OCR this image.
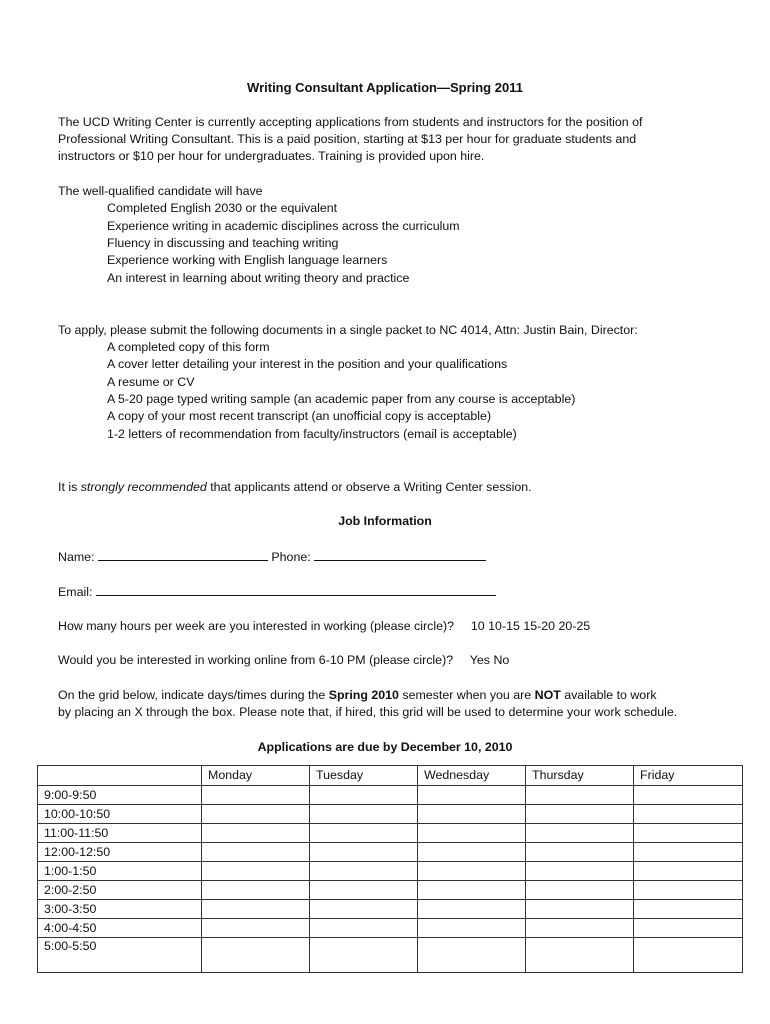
Writing Consultant Application—Spring 2011
The UCD Writing Center is currently accepting applications from students and instructors for the position of
Professional Writing Consultant. This is a paid position, starting at $13 per hour for graduate students and
instructors or $10 per hour for undergraduates. Training is provided upon hire.
The well-qualified candidate will have
Completed English 2030 or the equivalent
Experience writing in academic disciplines across the curriculum
Fluency in discussing and teaching writing
Experience working with English language learners
An interest in learning about writing theory and practice
To apply, please submit the following documents in a single packet to NC 4014, Attn: Justin Bain, Director:
A completed copy of this form
A cover letter detailing your interest in the position and your qualifications
A resume or CV
A 5-20 page typed writing sample (an academic paper from any course is acceptable)
A copy of your most recent transcript (an unofficial copy is acceptable)
1-2 letters of recommendation from faculty/instructors (email is acceptable)
It is strongly recommended that applicants attend or observe a Writing Center session.
Job Information
Name:	Phone:
Email:
How many hours per week are you interested in working (please circle)? 10 10-15 15-20 20-25
Would you be interested in working online from 6-10 PM (please circle)? Yes No
On the grid below, indicate days/times during the Spring 2010 semester when you are NOT available to work
by placing an X through the box. Please note that, if hired, this grid will be used to determine your work schedule.
Applications are due by December 10, 2010
	Monday	Tuesday	Wednesday	Thursday	Friday
9:00-9:50					
10:00-10:50					
11:00-11:50					
12:00-12:50					
1:00-1:50					
2:00-2:50					
3:00-3:50					
4:00-4:50					
5:00-5:50					
